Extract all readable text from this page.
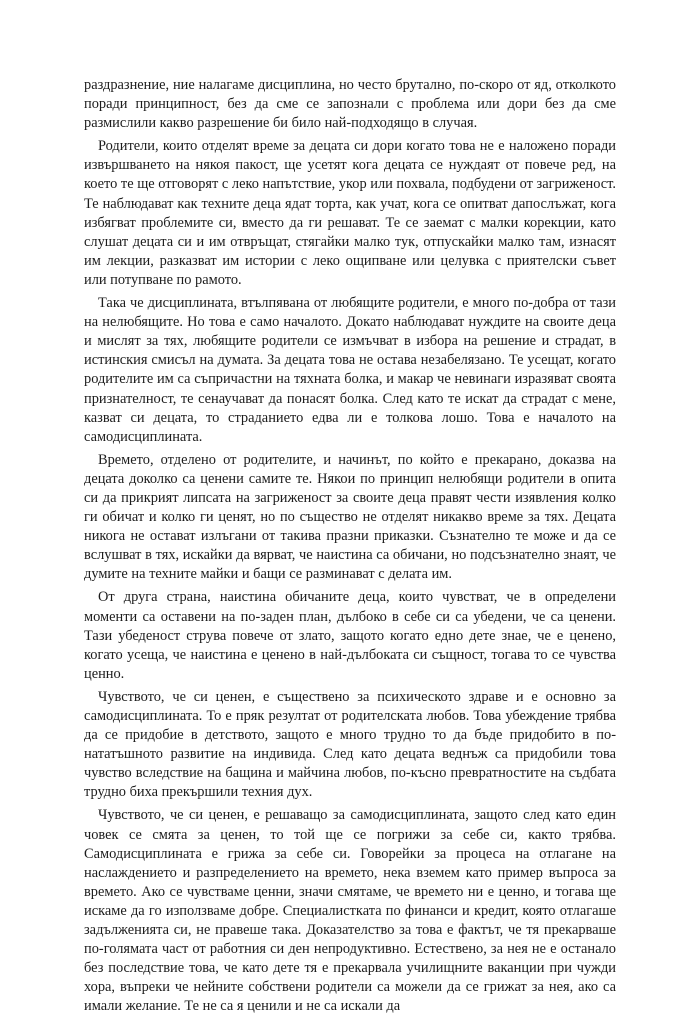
раздразнение, ние налагаме дисциплина, но често брутално, по-скоро от яд, отколкото поради принципност, без да сме се запознали с проблема или дори без да сме размислили какво разрешение би било най-подходящо в случая.

Родители, които отделят време за децата си дори когато това не е наложено поради извършването на някоя пакост, ще усетят кога децата се нуждаят от повече ред, на което те ще отговорят с леко напътствие, укор или похвала, подбудени от загриженост. Те наблюдават как техните деца ядат торта, как учат, кога се опитват дапослъжат, кога избягват проблемите си, вместо да ги решават. Те се заемат с малки корекции, като слушат децата си и им отвръщат, стягайки малко тук, отпускайки малко там, изнасят им лекции, разказват им истории с леко ощипване или целувка с приятелски съвет или потупване по рамото.

Така че дисциплината, втълпявана от любящите родители, е много по-добра от тази на нелюбящите. Но това е само началото. Докато наблюдават нуждите на своите деца и мислят за тях, любящите родители се измъчват в избора на решение и страдат, в истинския смисъл на думата. За децата това не остава незабелязано. Те усещат, когато родителите им са съпричастни на тяхната болка, и макар че невинаги изразяват своята признателност, те сенаучават да понасят болка. След като те искат да страдат с мене, казват си децата, то страданието едва ли е толкова лошо. Това е началото на самодисциплината.

Времето, отделено от родителите, и начинът, по който е прекарано, доказва на децата доколко са ценени самите те. Някои по принцип нелюбящи родители в опита си да прикрият липсата на загриженост за своите деца правят чести изявления колко ги обичат и колко ги ценят, но по същество не отделят никакво време за тях. Децата никога не остават излъгани от такива празни приказки. Съзнателно те може и да се вслушват в тях, искайки да вярват, че наистина са обичани, но подсъзнателно знаят, че думите на техните майки и бащи се разминават с делата им.

От друга страна, наистина обичаните деца, които чувстват, че в определени моменти са оставени на по-заден план, дълбоко в себе си са убедени, че са ценени. Тази убеденост струва повече от злато, защото когато едно дете знае, че е ценено, когато усеща, че наистина е ценено в най-дълбоката си същност, тогава то се чувства ценно.

Чувството, че си ценен, е съществено за психическото здраве и е основно за самодисциплината. То е пряк резултат от родителската любов. Това убеждение трябва да се придобие в детството, защото е много трудно то да бъде придобито в по-нататъшното развитие на индивида. След като децата веднъж са придобили това чувство вследствие на бащина и майчина любов, по-късно превратностите на съдбата трудно биха прекършили техния дух.

Чувството, че си ценен, е решаващо за самодисциплината, защото след като един човек се смята за ценен, то той ще се погрижи за себе си, както трябва. Самодисциплината е грижа за себе си. Говорейки за процеса на отлагане на наслаждението и разпределението на времето, нека вземем като пример въпроса за времето. Ако се чувстваме ценни, значи смятаме, че времето ни е ценно, и тогава ще искаме да го използваме добре. Специалистката по финанси и кредит, която отлагаше задълженията си, не правеше така. Доказателство за това е фактът, че тя прекарваше по-голямата част от работния си ден непродуктивно. Естествено, за нея не е останало без последствие това, че като дете тя е прекарвала училищните ваканции при чужди хора, въпреки че нейните собствени родители са можели да се грижат за нея, ако са имали желание. Те не са я ценили и не са искали да
